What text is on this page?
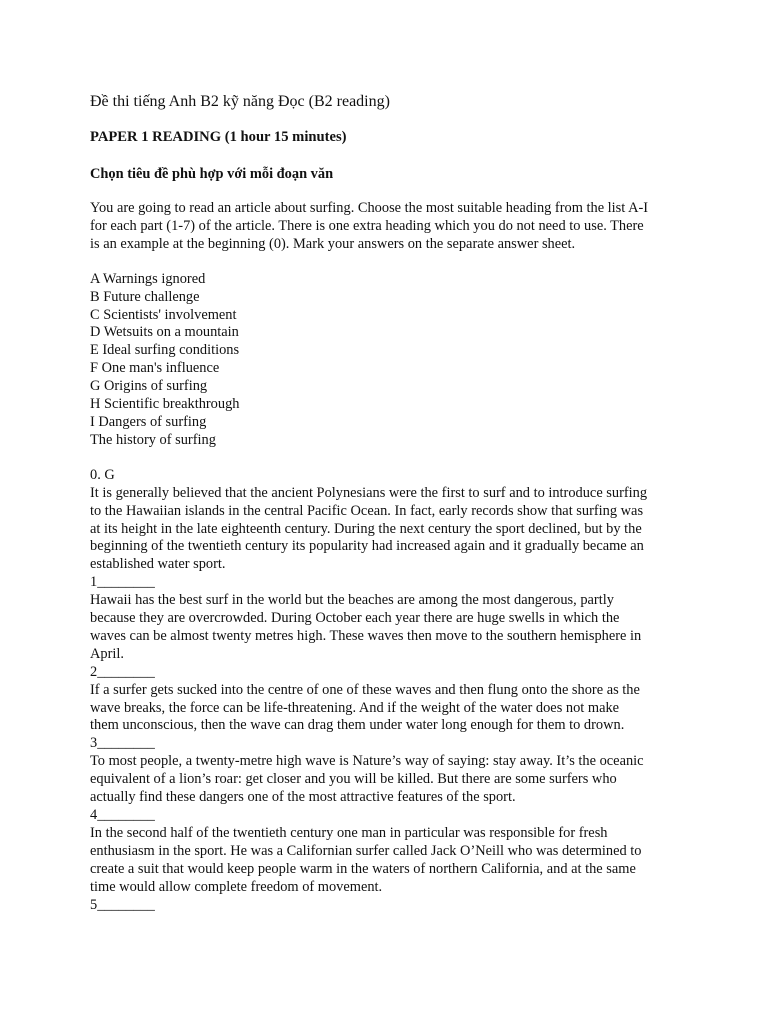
Đề thi tiếng Anh B2 kỹ năng Đọc (B2 reading)
PAPER 1 READING (1 hour 15 minutes)
Chọn tiêu đề phù hợp với mỗi đoạn văn
You are going to read an article about surfing. Choose the most suitable heading from the list A-I
for each part (1-7) of the article. There is one extra heading which you do not need to use. There
is an example at the beginning (0). Mark your answers on the separate answer sheet.
A Warnings ignored
B Future challenge
C Scientists' involvement
D Wetsuits on a mountain
E Ideal surfing conditions
F One man's influence
G Origins of surfing
H Scientific breakthrough
I Dangers of surfing
The history of surfing
0. G
It is generally believed that the ancient Polynesians were the first to surf and to introduce surfing
to the Hawaiian islands in the central Pacific Ocean. In fact, early records show that surfing was
at its height in the late eighteenth century. During the next century the sport declined, but by the
beginning of the twentieth century its popularity had increased again and it gradually became an
established water sport.
1________
Hawaii has the best surf in the world but the beaches are among the most dangerous, partly
because they are overcrowded. During October each year there are huge swells in which the
waves can be almost twenty metres high. These waves then move to the southern hemisphere in
April.
2________
If a surfer gets sucked into the centre of one of these waves and then flung onto the shore as the
wave breaks, the force can be life-threatening. And if the weight of the water does not make
them unconscious, then the wave can drag them under water long enough for them to drown.
3________
To most people, a twenty-metre high wave is Nature’s way of saying: stay away. It’s the oceanic
equivalent of a lion’s roar: get closer and you will be killed. But there are some surfers who
actually find these dangers one of the most attractive features of the sport.
4________
In the second half of the twentieth century one man in particular was responsible for fresh
enthusiasm in the sport. He was a Californian surfer called Jack O’Neill who was determined to
create a suit that would keep people warm in the waters of northern California, and at the same
time would allow complete freedom of movement.
5________
